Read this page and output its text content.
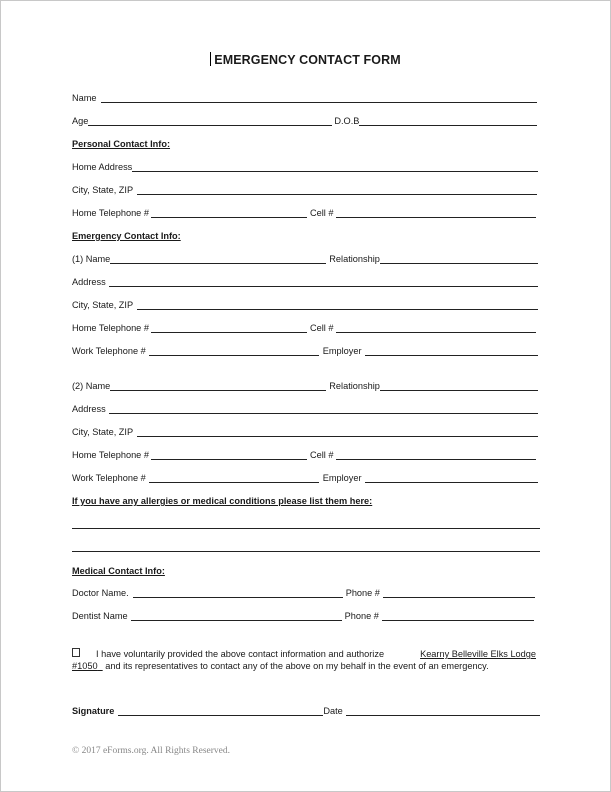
EMERGENCY CONTACT FORM
Name
Age	D.O.B
Personal Contact Info:
Home Address
City, State, ZIP
Home Telephone #	Cell #
Emergency Contact Info:
(1) Name	Relationship
Address
City, State, ZIP
Home Telephone #	Cell #
Work Telephone #	Employer
(2) Name	Relationship
Address
City, State, ZIP
Home Telephone #	Cell #
Work Telephone #	Employer
If you have any allergies or medical conditions please list them here:
Medical Contact Info:
Doctor Name.	Phone #
Dentist Name	Phone #
I have voluntarily provided the above contact information and authorize	Kearny Belleville Elks Lodge
#1050 and its representatives to contact any of the above on my behalf in the event of an emergency.
Signature	Date
© 2017 eForms.org. All Rights Reserved.
